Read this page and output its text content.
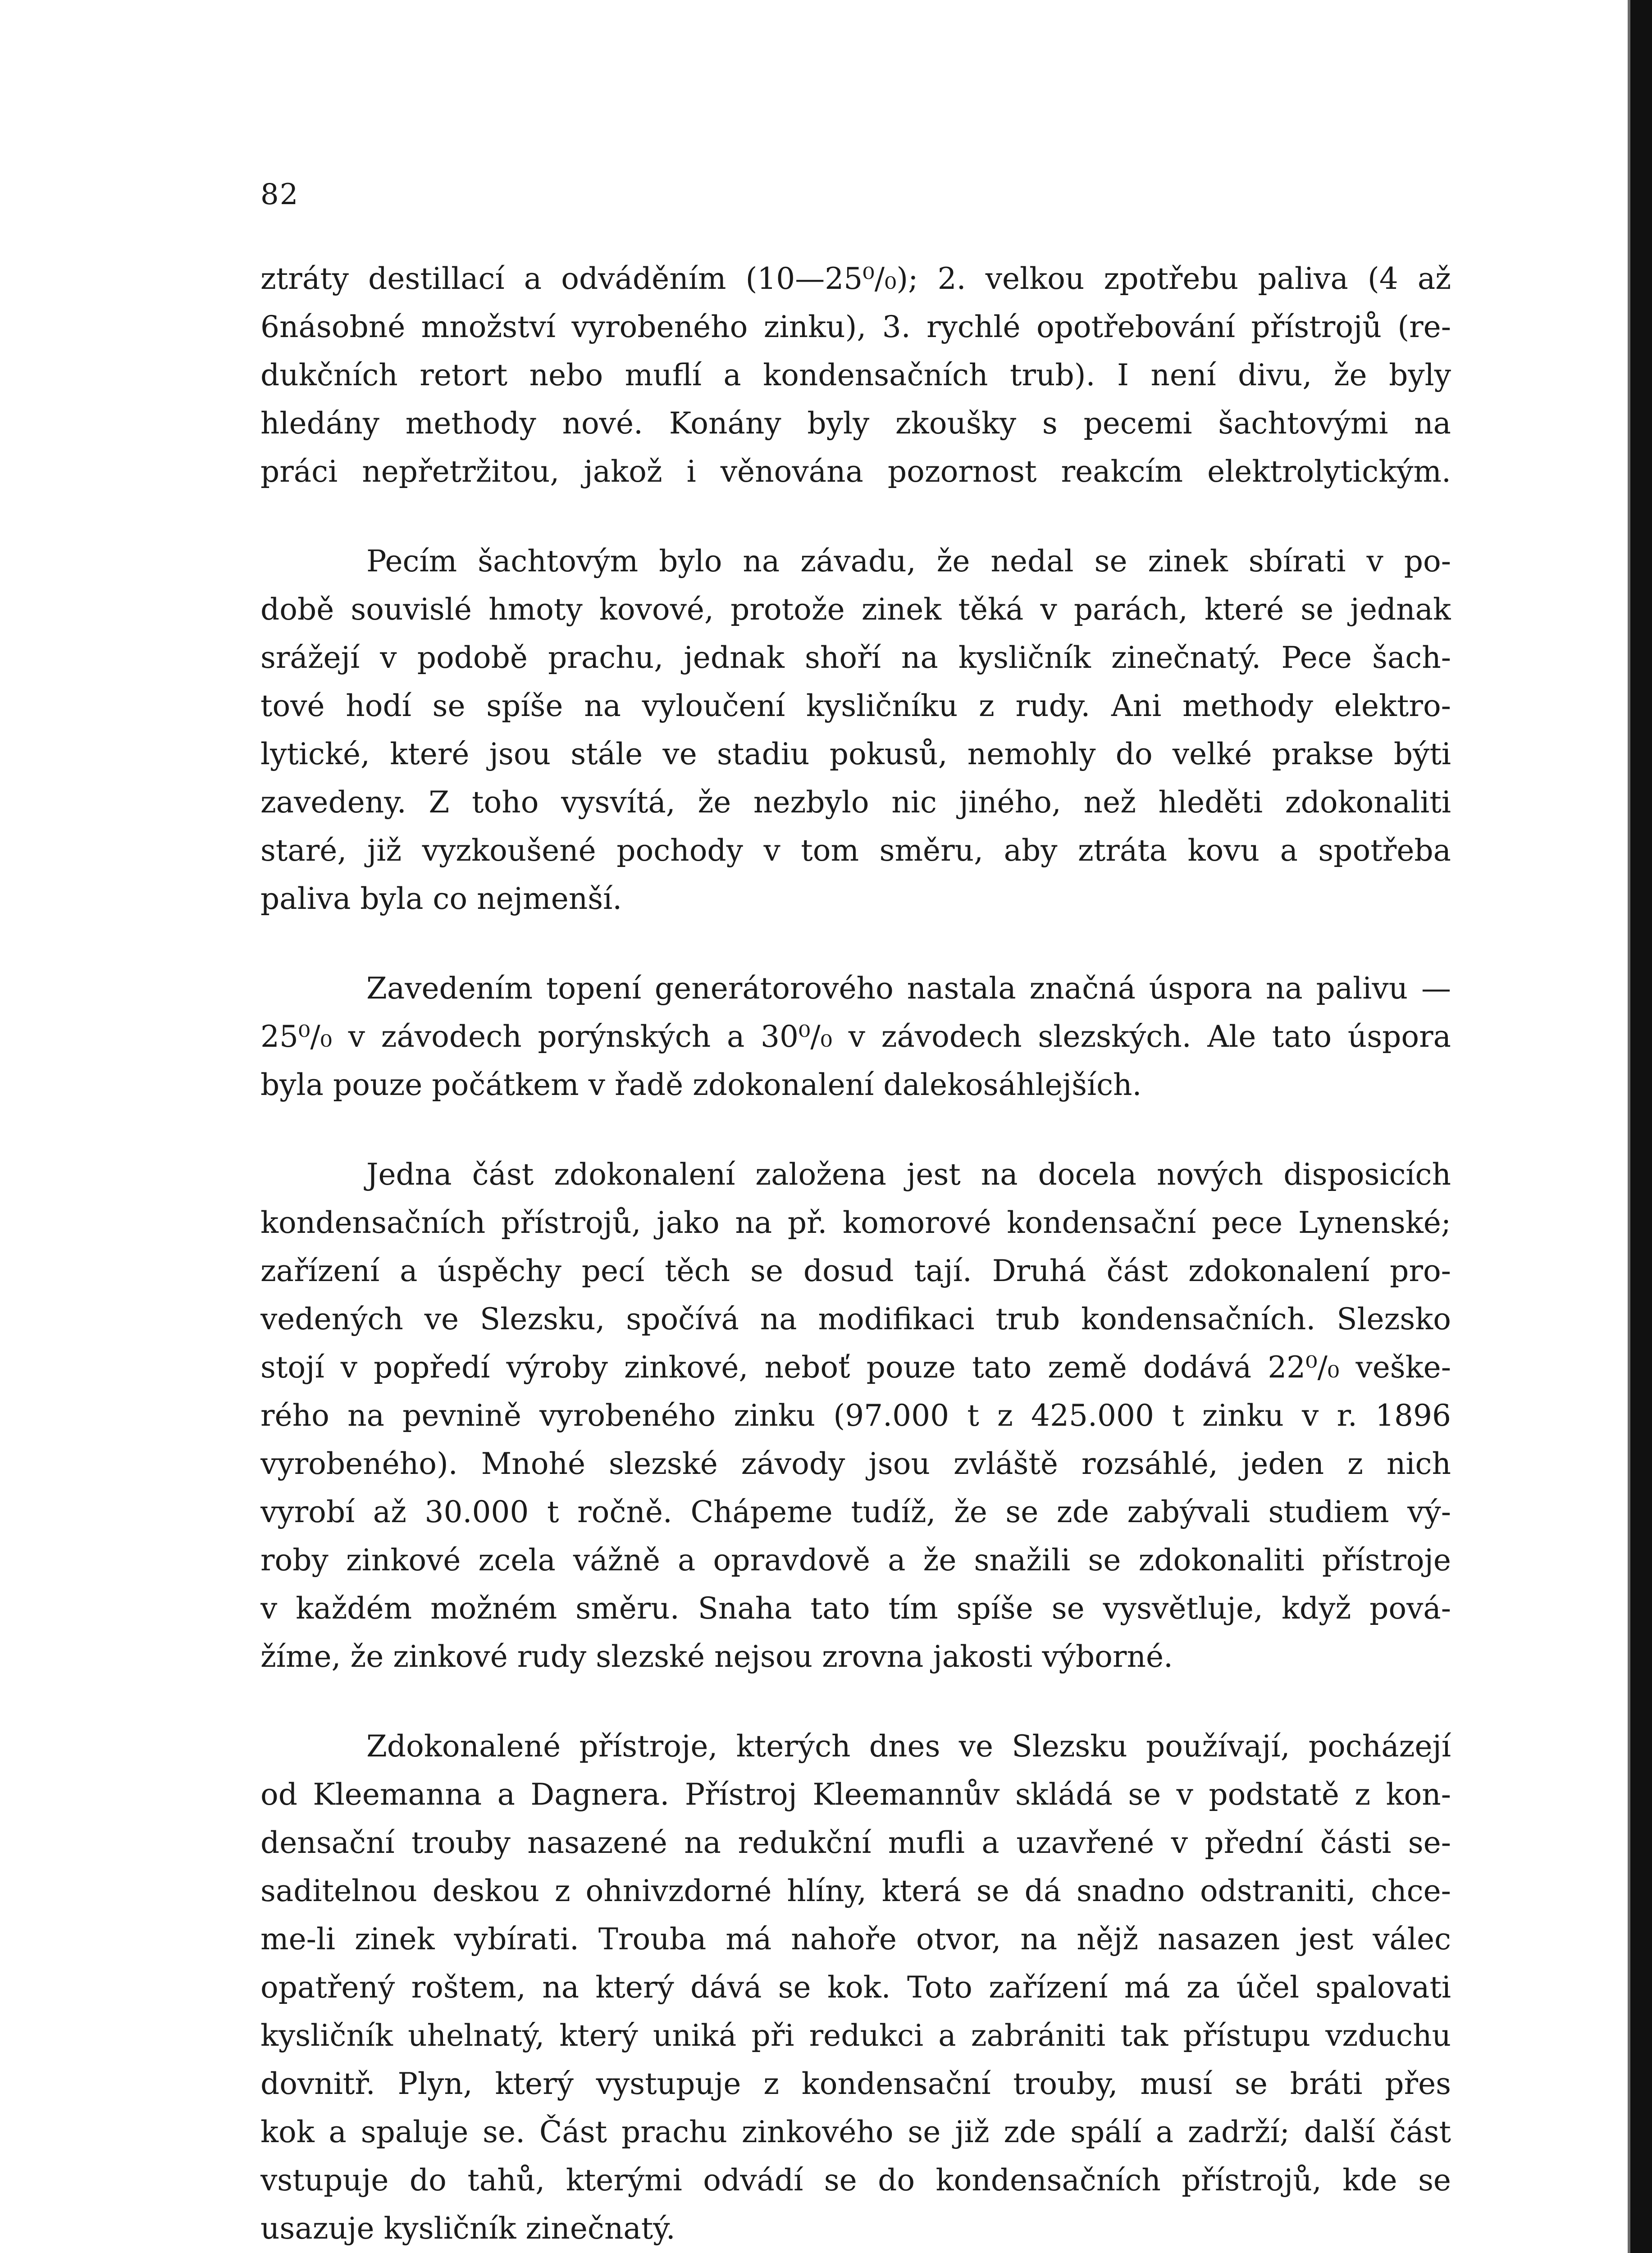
82

ztráty destillací a odváděním (10—25⁰/₀); 2. velkou zpotřebu paliva (4 až
6násobné množství vyrobeného zinku), 3. rychlé opotřebování přístrojů (re-
dukčních retort nebo muflí a kondensačních trub). I není divu, že byly
hledány methody nové. Konány byly zkoušky s pecemi šachtovými na
práci nepřetržitou, jakož i věnována pozornost reakcím elektrolytickým.

Pecím šachtovým bylo na závadu, že nedal se zinek sbírati v po-
době souvislé hmoty kovové, protože zinek těká v parách, které se jednak
srážejí v podobě prachu, jednak shoří na kysličník zinečnatý. Pece šach-
tové hodí se spíše na vyloučení kysličníku z rudy. Ani methody elektro-
lytické, které jsou stále ve stadiu pokusů, nemohly do velké prakse býti
zavedeny. Z toho vysvítá, že nezbylo nic jiného, než hleděti zdokonaliti
staré, již vyzkoušené pochody v tom směru, aby ztráta kovu a spotřeba
paliva byla co nejmenší.

Zavedením topení generátorového nastala značná úspora na palivu —
25⁰/₀ v závodech porýnských a 30⁰/₀ v závodech slezských. Ale tato úspora
byla pouze počátkem v řadě zdokonalení dalekosáhlejších.

Jedna část zdokonalení založena jest na docela nových disposicích
kondensačních přístrojů, jako na př. komorové kondensační pece Lynenské;
zařízení a úspěchy pecí těch se dosud tají. Druhá část zdokonalení pro-
vedených ve Slezsku, spočívá na modifikaci trub kondensačních. Slezsko
stojí v popředí výroby zinkové, neboť pouze tato země dodává 22⁰/₀ veške-
rého na pevnině vyrobeného zinku (97.000 t z 425.000 t zinku v r. 1896
vyrobeného). Mnohé slezské závody jsou zvláště rozsáhlé, jeden z nich
vyrobí až 30.000 t ročně. Chápeme tudíž, že se zde zabývali studiem vý-
roby zinkové zcela vážně a opravdově a že snažili se zdokonaliti přístroje
v každém možném směru. Snaha tato tím spíše se vysvětluje, když pová-
žíme, že zinkové rudy slezské nejsou zrovna jakosti výborné.

Zdokonalené přístroje, kterých dnes ve Slezsku používají, pocházejí
od Kleemanna a Dagnera. Přístroj Kleemannův skládá se v podstatě z kon-
densační trouby nasazené na redukční mufli a uzavřené v přední části se-
saditelnou deskou z ohnivzdorné hlíny, která se dá snadno odstraniti, chce-
me-li zinek vybírati. Trouba má nahoře otvor, na nějž nasazen jest válec
opatřený roštem, na který dává se kok. Toto zařízení má za účel spalovati
kysličník uhelnatý, který uniká při redukci a zabrániti tak přístupu vzduchu
dovnitř. Plyn, který vystupuje z kondensační trouby, musí se bráti přes
kok a spaluje se. Část prachu zinkového se již zde spálí a zadrží; další část
vstupuje do tahů, kterými odvádí se do kondensačních přístrojů, kde se
usazuje kysličník zinečnatý.
